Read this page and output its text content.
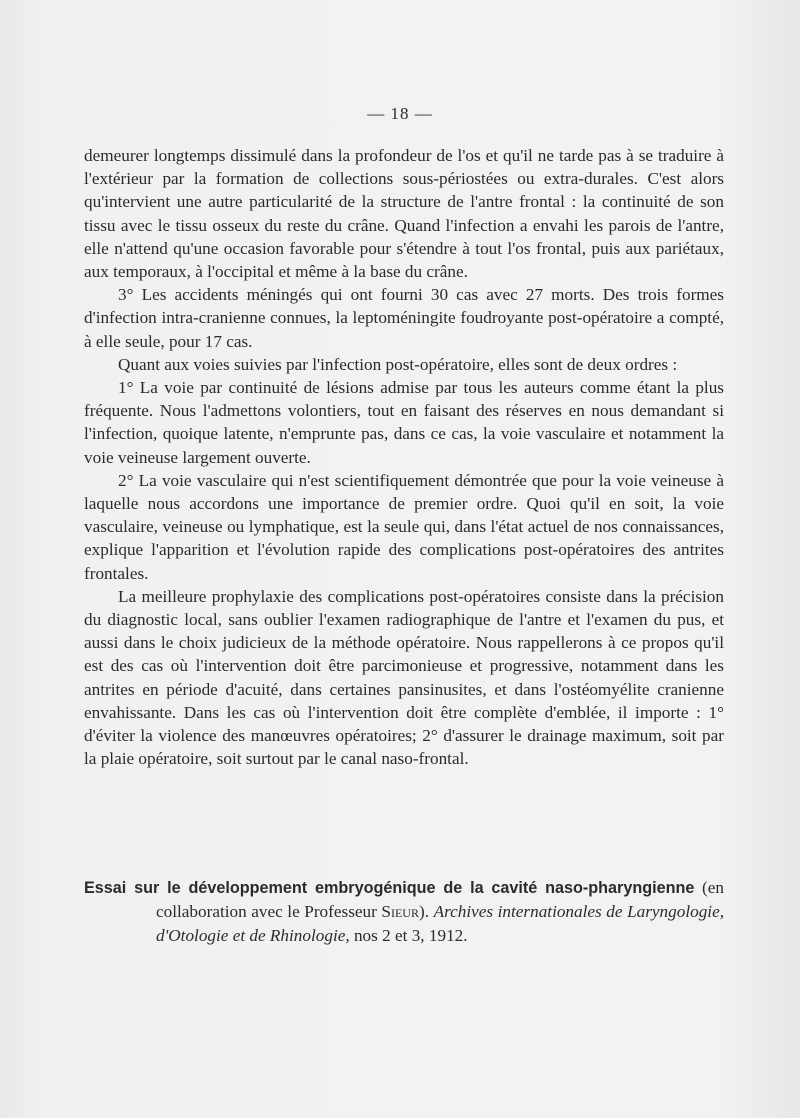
— 18 —

demeurer longtemps dissimulé dans la profondeur de l'os et qu'il ne tarde pas à se traduire à l'extérieur par la formation de collections sous-périostées ou extra-durales. C'est alors qu'intervient une autre particularité de la structure de l'antre frontal : la continuité de son tissu avec le tissu osseux du reste du crâne. Quand l'infection a envahi les parois de l'antre, elle n'attend qu'une occasion favorable pour s'étendre à tout l'os frontal, puis aux pariétaux, aux temporaux, à l'occipital et même à la base du crâne.

3° Les accidents méningés qui ont fourni 30 cas avec 27 morts. Des trois formes d'infection intra-cranienne connues, la leptoméningite foudroyante post-opératoire a compté, à elle seule, pour 17 cas.

Quant aux voies suivies par l'infection post-opératoire, elles sont de deux ordres :

1° La voie par continuité de lésions admise par tous les auteurs comme étant la plus fréquente. Nous l'admettons volontiers, tout en faisant des réserves en nous demandant si l'infection, quoique latente, n'emprunte pas, dans ce cas, la voie vasculaire et notamment la voie veineuse largement ouverte.

2° La voie vasculaire qui n'est scientifiquement démontrée que pour la voie veineuse à laquelle nous accordons une importance de premier ordre. Quoi qu'il en soit, la voie vasculaire, veineuse ou lymphatique, est la seule qui, dans l'état actuel de nos connaissances, explique l'apparition et l'évolution rapide des complications post-opératoires des antrites frontales.

La meilleure prophylaxie des complications post-opératoires consiste dans la précision du diagnostic local, sans oublier l'examen radiographique de l'antre et l'examen du pus, et aussi dans le choix judicieux de la méthode opératoire. Nous rappellerons à ce propos qu'il est des cas où l'intervention doit être parcimonieuse et progressive, notamment dans les antrites en période d'acuité, dans certaines pansinusites, et dans l'ostéomyélite cranienne envahissante. Dans les cas où l'intervention doit être complète d'emblée, il importe : 1° d'éviter la violence des manœuvres opératoires; 2° d'assurer le drainage maximum, soit par la plaie opératoire, soit surtout par le canal naso-frontal.

Essai sur le développement embryogénique de la cavité naso-pharyngienne (en collaboration avec le Professeur Sieur). Archives internationales de Laryngologie, d'Otologie et de Rhinologie, nos 2 et 3, 1912.
